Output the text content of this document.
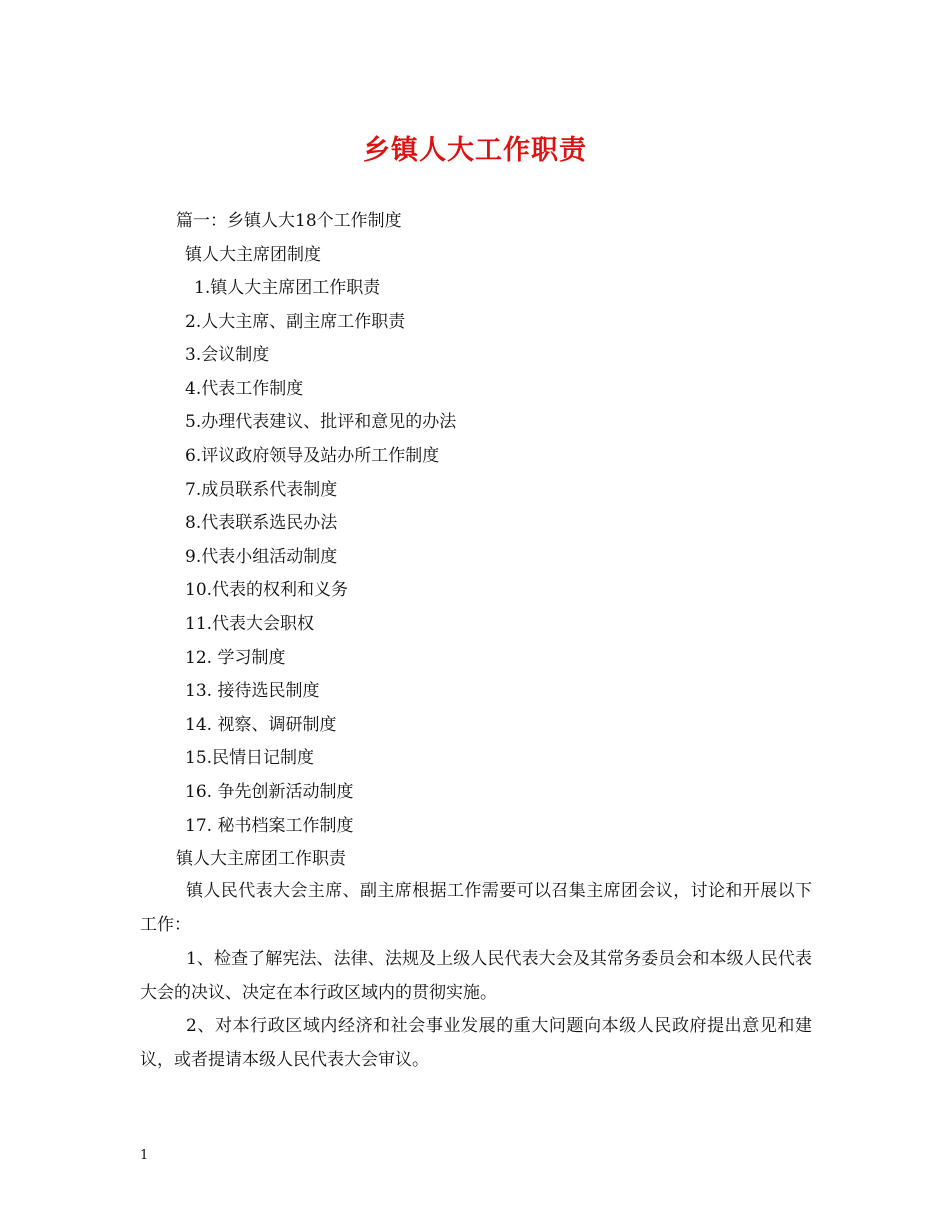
乡镇人大工作职责
篇一：乡镇人大18个工作制度
镇人大主席团制度
1.镇人大主席团工作职责
2.人大主席、副主席工作职责
3.会议制度
4.代表工作制度
5.办理代表建议、批评和意见的办法
6.评议政府领导及站办所工作制度
7.成员联系代表制度
8.代表联系选民办法
9.代表小组活动制度
10.代表的权利和义务
11.代表大会职权
12. 学习制度
13. 接待选民制度
14. 视察、调研制度
15.民情日记制度
16. 争先创新活动制度
17. 秘书档案工作制度
镇人大主席团工作职责
镇人民代表大会主席、副主席根据工作需要可以召集主席团会议，讨论和开展以下工作：
1、检查了解宪法、法律、法规及上级人民代表大会及其常务委员会和本级人民代表大会的决议、决定在本行政区域内的贯彻实施。
2、对本行政区域内经济和社会事业发展的重大问题向本级人民政府提出意见和建议，或者提请本级人民代表大会审议。
1
